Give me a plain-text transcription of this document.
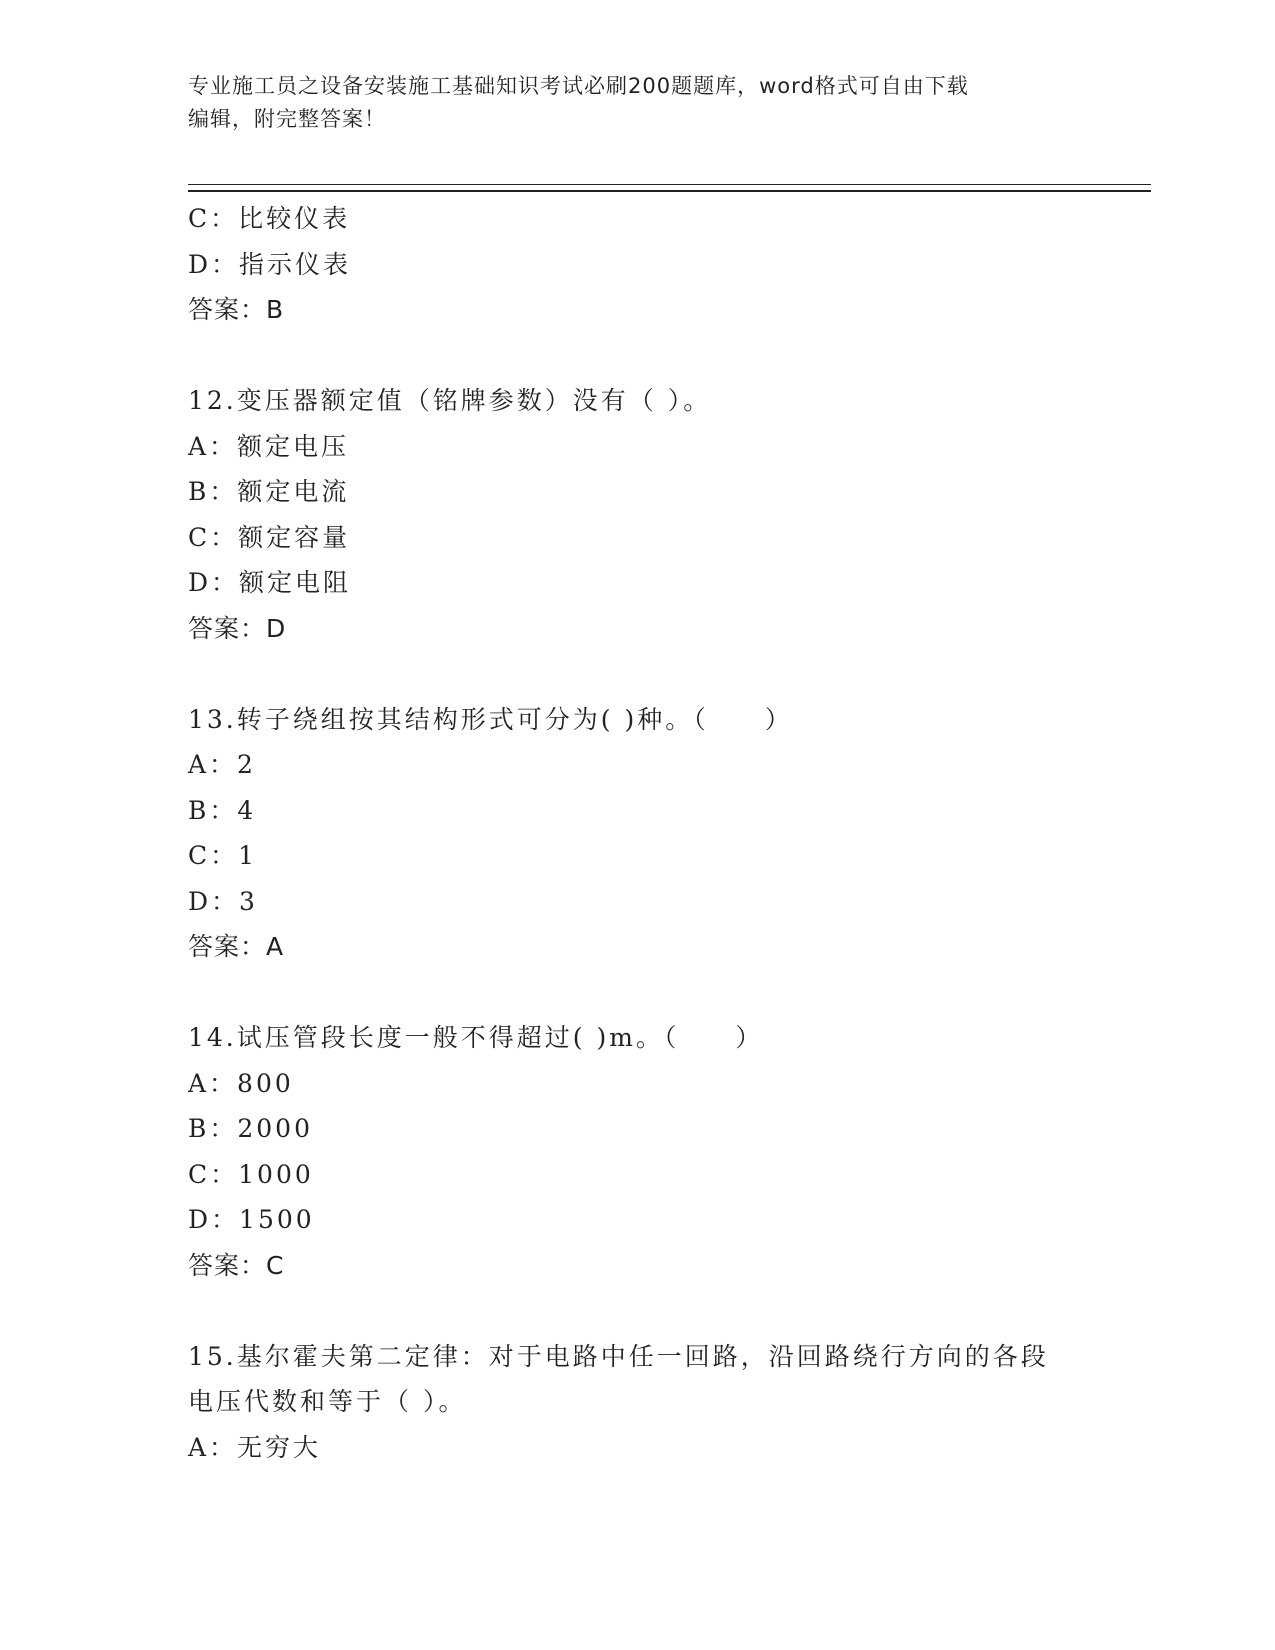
专业施工员之设备安装施工基础知识考试必刷200题题库，word格式可自由下载

编辑，附完整答案！

C：比较仪表
D：指示仪表
答案：B
12.变压器额定值（铭牌参数）没有（ ）。
A：额定电压
B：额定电流
C：额定容量
D：额定电阻
答案：D
13.转子绕组按其结构形式可分为( )种。（　　）
A：2
B：4
C：1
D：3
答案：A
14.试压管段长度一般不得超过( )m。（　　）
A：800
B：2000
C：1000
D：1500
答案：C
15.基尔霍夫第二定律：对于电路中任一回路，沿回路绕行方向的各段
电压代数和等于（ ）。
A：无穷大
